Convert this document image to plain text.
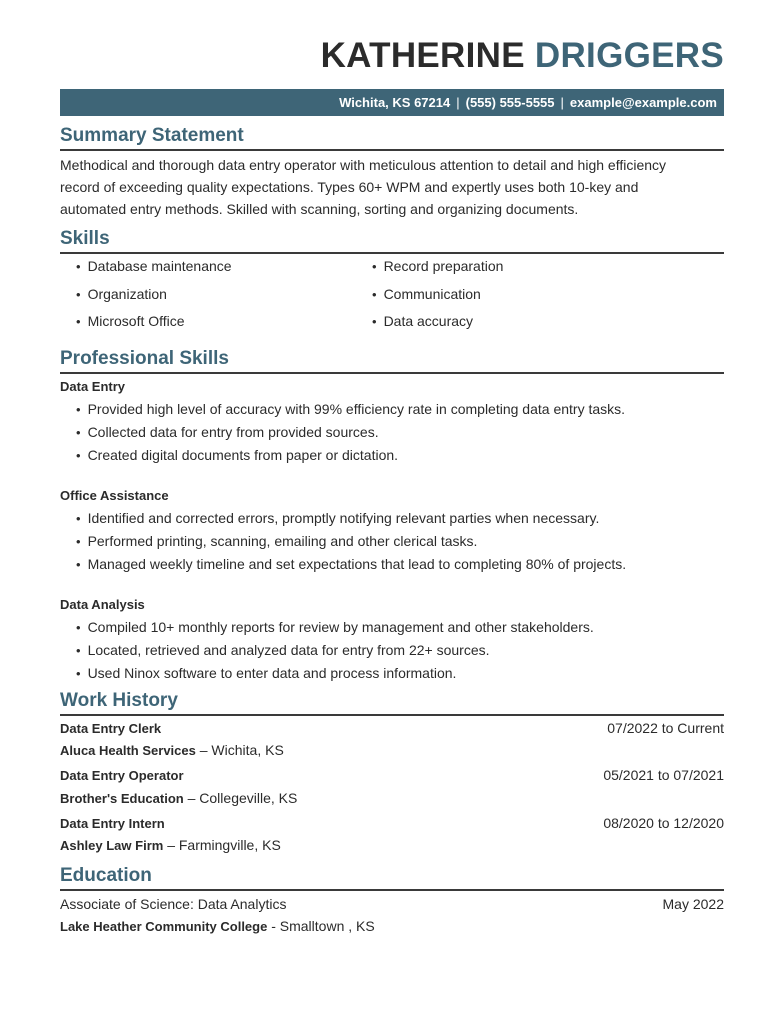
KATHERINE DRIGGERS
Wichita, KS 67214 | (555) 555-5555 | example@example.com
Summary Statement
Methodical and thorough data entry operator with meticulous attention to detail and high efficiency record of exceeding quality expectations. Types 60+ WPM and expertly uses both 10-key and automated entry methods. Skilled with scanning, sorting and organizing documents.
Skills
• Database maintenance	• Record preparation
• Organization	• Communication
• Microsoft Office	• Data accuracy
Professional Skills
Data Entry
• Provided high level of accuracy with 99% efficiency rate in completing data entry tasks.
• Collected data for entry from provided sources.
• Created digital documents from paper or dictation.
Office Assistance
• Identified and corrected errors, promptly notifying relevant parties when necessary.
• Performed printing, scanning, emailing and other clerical tasks.
• Managed weekly timeline and set expectations that lead to completing 80% of projects.
Data Analysis
• Compiled 10+ monthly reports for review by management and other stakeholders.
• Located, retrieved and analyzed data for entry from 22+ sources.
• Used Ninox software to enter data and process information.
Work History
Data Entry Clerk	07/2022 to Current
Aluca Health Services – Wichita, KS
Data Entry Operator	05/2021 to 07/2021
Brother's Education – Collegeville, KS
Data Entry Intern	08/2020 to 12/2020
Ashley Law Firm – Farmingville, KS
Education
Associate of Science: Data Analytics	May 2022
Lake Heather Community College - Smalltown , KS
